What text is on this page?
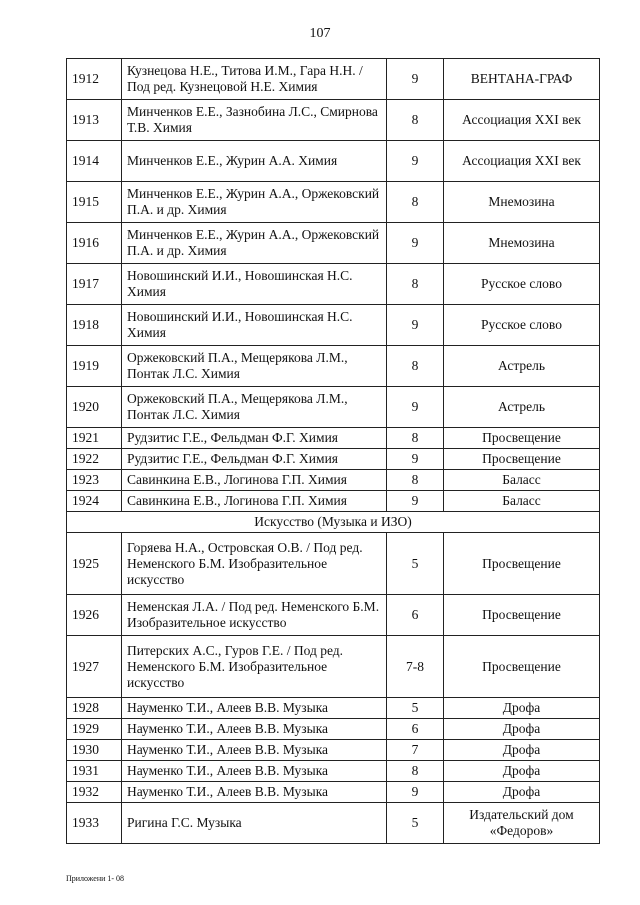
107
1912	Кузнецова Н.Е., Титова И.М., Гара Н.Н. / Под ред. Кузнецовой Н.Е. Химия	9	ВЕНТАНА-ГРАФ
1913	Минченков Е.Е., Зазнобина Л.С., Смирнова Т.В. Химия	8	Ассоциация XXI век
1914	Минченков Е.Е., Журин А.А. Химия	9	Ассоциация XXI век
1915	Минченков Е.Е., Журин А.А., Оржековский П.А. и др. Химия	8	Мнемозина
1916	Минченков Е.Е., Журин А.А., Оржековский П.А. и др. Химия	9	Мнемозина
1917	Новошинский И.И., Новошинская Н.С. Химия	8	Русское слово
1918	Новошинский И.И., Новошинская Н.С. Химия	9	Русское слово
1919	Оржековский П.А., Мещерякова Л.М., Понтак Л.С. Химия	8	Астрель
1920	Оржековский П.А., Мещерякова Л.М., Понтак Л.С. Химия	9	Астрель
1921	Рудзитис Г.Е., Фельдман Ф.Г. Химия	8	Просвещение
1922	Рудзитис Г.Е., Фельдман Ф.Г. Химия	9	Просвещение
1923	Савинкина Е.В., Логинова Г.П. Химия	8	Баласс
1924	Савинкина Е.В., Логинова Г.П. Химия	9	Баласс
Искусство (Музыка и ИЗО)			
1925	Горяева Н.А., Островская О.В. / Под ред. Неменского Б.М. Изобразительное искусство	5	Просвещение
1926	Неменская Л.А. / Под ред. Неменского Б.М. Изобразительное искусство	6	Просвещение
1927	Питерских А.С., Гуров Г.Е. / Под ред. Неменского Б.М. Изобразительное искусство	7-8	Просвещение
1928	Науменко Т.И., Алеев В.В. Музыка	5	Дрофа
1929	Науменко Т.И., Алеев В.В. Музыка	6	Дрофа
1930	Науменко Т.И., Алеев В.В. Музыка	7	Дрофа
1931	Науменко Т.И., Алеев В.В. Музыка	8	Дрофа
1932	Науменко Т.И., Алеев В.В. Музыка	9	Дрофа
1933	Ригина Г.С. Музыка	5	Издательский дом «Федоров»
Приложени 1- 08
